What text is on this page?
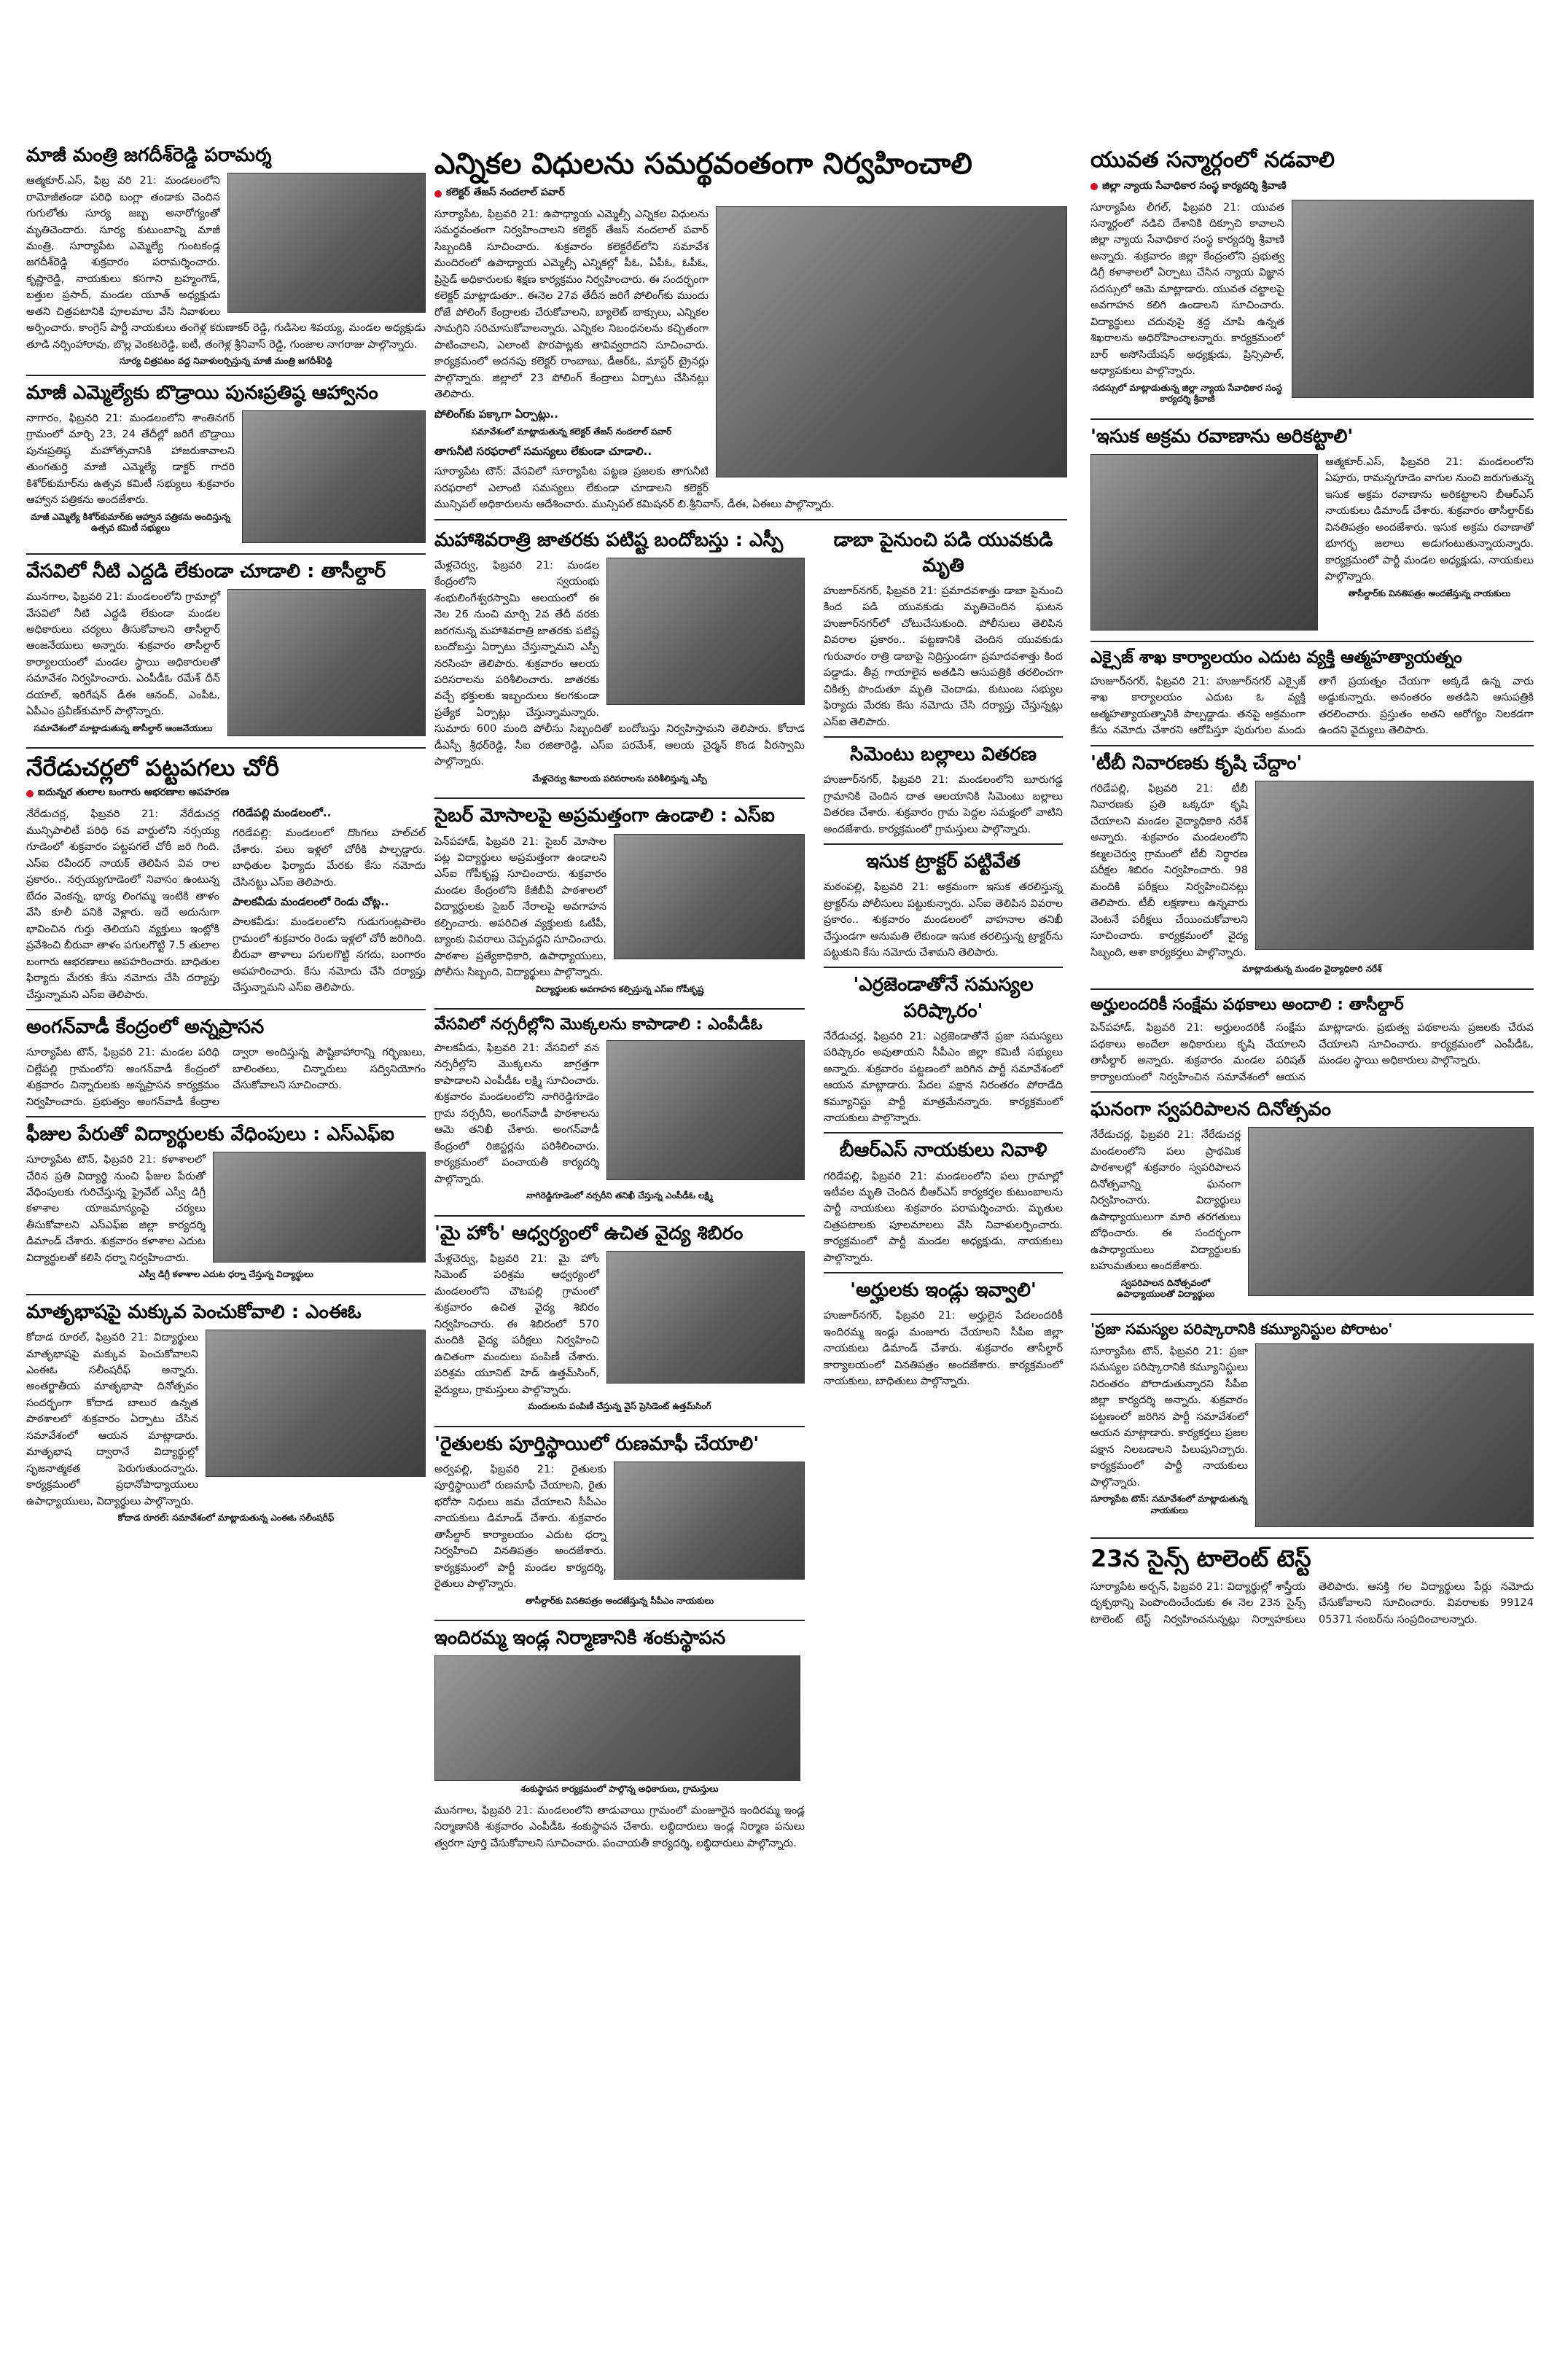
మాజీ మంత్రి జగదీశ్‌రెడ్డి పరామర్శ

ఆత్మకూర్.ఎస్, ఫిబ్ర వరి 21: మండలంలోని రామోజీతండా పరిధి బంగ్లా తండాకు చెందిన గుగులోతు సూర్య జబ్బ అనారోగ్యంతో మృతిచెందారు. సూర్య కుటుంబాన్ని మాజీ మంత్రి, సూర్యాపేట ఎమ్మెల్యే గుంటకండ్ల జగదీశ్‌రెడ్డి శుక్రవారం పరామర్శించారు. కృష్ణారెడ్డి, నాయకులు కసగాని బ్రహ్మంగౌడ్, బత్తుల ప్రసాద్, మండల యూత్ అధ్యక్షుడు అతని చిత్రపటానికి పూలమాల వేసి నివాళులు అర్పించారు. కాంగ్రెస్ పార్టీ నాయకులు తంగెళ్ల కరుణాకర్ రెడ్డి, గుడిసెల శివయ్య, మండల అధ్యక్షుడు తూడి నర్సింహారావు, బొల్ల వెంకటరెడ్డి, ఐటీ, తంగెళ్ల శ్రీనివాస్ రెడ్డి, గుంజాల నాగరాజు పాల్గొన్నారు.

సూర్య చిత్రపటం వద్ద నివాళులర్పిస్తున్న మాజీ మంత్రి జగదీశ్‌రెడ్డి
మాజీ ఎమ్మెల్యేకు బొడ్రాయి పునఃప్రతిష్ఠ ఆహ్వానం

నాగారం, ఫిబ్రవరి 21: మండలంలోని శాంతినగర్ గ్రామంలో మార్చి 23, 24 తేదీల్లో జరిగే బొడ్రాయి పునఃప్రతిష్ఠ మహోత్సవానికి హాజరుకావాలని తుంగతుర్తి మాజీ ఎమ్మెల్యే డాక్టర్ గాదరి కిశోర్‌కుమార్‌ను ఉత్సవ కమిటీ సభ్యులు శుక్రవారం ఆహ్వాన పత్రికను అందజేశారు.

మాజీ ఎమ్మెల్యే కిశోర్‌కుమార్‌కు ఆహ్వాన పత్రికను అందిస్తున్న ఉత్సవ కమిటీ సభ్యులు
వేసవిలో నీటి ఎద్దడి లేకుండా చూడాలి : తాసీల్దార్

మునగాల, ఫిబ్రవరి 21: మండలంలోని గ్రామాల్లో వేసవిలో నీటి ఎద్దడి లేకుండా మండల అధికారులు చర్యలు తీసుకోవాలని తాసీల్దార్ ఆంజనేయులు అన్నారు. శుక్రవారం తాసీల్దార్ కార్యాలయంలో మండల స్థాయి అధికారులతో సమావేశం నిర్వహించారు. ఎంపీడీఓ రమేశ్ దీన్ దయాల్, ఇరిగేషన్ డీఈ ఆనంద్, ఎంపీఓ, ఏపీఎం ప్రవీణ్‌కుమార్ పాల్గొన్నారు.

సమావేశంలో మాట్లాడుతున్న తాసీల్దార్ ఆంజనేయులు
నేరేడుచర్లలో పట్టపగలు చోరీ
ఐదున్నర తులాల బంగారు ఆభరణాల అపహరణ

నేరేడుచర్ల, ఫిబ్రవరి 21: నేరేడుచర్ల మున్సిపాలిటీ పరిధి 6వ వార్డులోని నర్సయ్య గూడెంలో శుక్రవారం పట్టపగలే చోరీ జరి గింది. ఎస్ఐ రవీందర్ నాయక్ తెలిపిన వివ రాల ప్రకారం.. నర్సయ్యగూడెంలో నివాసం ఉంటున్న బేదం వెంకన్న, భార్య లింగమ్మ ఇంటికి తాళం వేసి కూలీ పనికి వెళ్లారు. ఇదే అదునుగా భావించిన గుర్తు తెలియని వ్యక్తులు ఇంట్లోకి ప్రవేశించి బీరువా తాళం పగులగొట్టి 7.5 తులాల బంగారు ఆభరణాలు అపహరించారు. బాధితుల ఫిర్యాదు మేరకు కేసు నమోదు చేసి దర్యాప్తు చేస్తున్నామని ఎస్ఐ తెలిపారు.

గరిడేపల్లి మండలంలో..

గరిడేపల్లి: మండలంలో దొంగలు హల్‌చల్ చేశారు. పలు ఇళ్లలో చోరీకి పాల్పడ్డారు. బాధితుల ఫిర్యాదు మేరకు కేసు నమోదు చేసినట్టు ఎస్ఐ తెలిపారు.

పాలకవీడు మండలంలో రెండు చోట్ల..

పాలకవీడు: మండలంలోని గుడుగుంట్లపాలెం గ్రామంలో శుక్రవారం రెండు ఇళ్లలో చోరీ జరిగింది. బీరువా తాళాలు పగులగొట్టి నగదు, బంగారం అపహరించారు. కేసు నమోదు చేసి దర్యాప్తు చేస్తున్నామని ఎస్ఐ తెలిపారు.

అంగన్‌వాడీ కేంద్రంలో అన్నప్రాసన

సూర్యాపేట టౌన్, ఫిబ్రవరి 21: మండల పరిధి చిల్లేపల్లి గ్రామంలోని అంగన్‌వాడీ కేంద్రంలో శుక్రవారం చిన్నారులకు అన్నప్రాసన కార్యక్రమం నిర్వహించారు. ప్రభుత్వం అంగన్‌వాడీ కేంద్రాల ద్వారా అందిస్తున్న పౌష్టికాహారాన్ని గర్భిణులు, బాలింతలు, చిన్నారులు సద్వినియోగం చేసుకోవాలని సూచించారు.

ఫీజుల పేరుతో విద్యార్థులకు వేధింపులు : ఎస్‌ఎఫ్ఐ

సూర్యాపేట టౌన్, ఫిబ్రవరి 21: కళాశాలలో చేరిన ప్రతి విద్యార్థి నుంచి ఫీజుల పేరుతో వేధింపులకు గురిచేస్తున్న ప్రైవేట్ ఎస్వీ డిగ్రీ కళాశాల యాజమాన్యంపై చర్యలు తీసుకోవాలని ఎస్‌ఎఫ్ఐ జిల్లా కార్యదర్శి డిమాండ్ చేశారు. శుక్రవారం కళాశాల ఎదుట విద్యార్థులతో కలిసి ధర్నా నిర్వహించారు.

ఎస్వీ డిగ్రీ కళాశాల ఎదుట ధర్నా చేస్తున్న విద్యార్థులు
మాతృభాషపై మక్కువ పెంచుకోవాలి : ఎంఈఓ

కోదాడ రూరల్, ఫిబ్రవరి 21: విద్యార్థులు మాతృభాషపై మక్కువ పెంచుకోవాలని ఎంఈఓ సలీంషరీఫ్ అన్నారు. అంతర్జాతీయ మాతృభాషా దినోత్సవం సందర్భంగా కోదాడ బాలుర ఉన్నత పాఠశాలలో శుక్రవారం ఏర్పాటు చేసిన సమావేశంలో ఆయన మాట్లాడారు. మాతృభాష ద్వారానే విద్యార్థుల్లో సృజనాత్మకత పెరుగుతుందన్నారు. కార్యక్రమంలో ప్రధానోపాధ్యాయులు ఉపాధ్యాయులు, విద్యార్థులు పాల్గొన్నారు.

కోదాడ రూరల్: సమావేశంలో మాట్లాడుతున్న ఎంఈఓ సలీంషరీఫ్
ఎన్నికల విధులను సమర్థవంతంగా నిర్వహించాలి
కలెక్టర్ తేజస్ నందలాల్ పవార్

సూర్యాపేట, ఫిబ్రవరి 21: ఉపాధ్యాయ ఎమ్మెల్సీ ఎన్నికల విధులను సమర్థవంతంగా నిర్వహించాలని కలెక్టర్ తేజస్ నందలాల్ పవార్ సిబ్బందికి సూచించారు. శుక్రవారం కలెక్టరేట్‌లోని సమావేశ మందిరంలో ఉపాధ్యాయ ఎమ్మెల్సీ ఎన్నికల్లో పీఓ, ఏపీఓ, ఓపీఓ, ప్రిసైడ్ అధికారులకు శిక్షణ కార్యక్రమం నిర్వహించారు. ఈ సందర్భంగా కలెక్టర్ మాట్లాడుతూ.. ఈనెల 27వ తేదీన జరిగే పోలింగ్‌కు ముందు రోజే పోలింగ్ కేంద్రాలకు చేరుకోవాలని, బ్యాలెట్ బాక్సులు, ఎన్నికల సామగ్రిని సరిచూసుకోవాలన్నారు. ఎన్నికల నిబంధనలను కచ్చితంగా పాటించాలని, ఎలాంటి పొరపాట్లకు తావివ్వరాదని సూచించారు. కార్యక్రమంలో అదనపు కలెక్టర్ రాంబాబు, డీఆర్‌ఓ, మాస్టర్ ట్రైనర్లు పాల్గొన్నారు. జిల్లాలో 23 పోలింగ్ కేంద్రాలు ఏర్పాటు చేసినట్లు తెలిపారు.

పోలింగ్‌కు పక్కాగా ఏర్పాట్లు..
సమావేశంలో మాట్లాడుతున్న కలెక్టర్ తేజస్ నందలాల్ పవార్
తాగునీటి సరఫరాలో సమస్యలు లేకుండా చూడాలి..

సూర్యాపేట టౌన్: వేసవిలో సూర్యాపేట పట్టణ ప్రజలకు తాగునీటి సరఫరాలో ఎలాంటి సమస్యలు లేకుండా చూడాలని కలెక్టర్ మున్సిపల్ అధికారులను ఆదేశించారు. మున్సిపల్ కమిషనర్ బి.శ్రీనివాస్, డీఈ, ఏఈలు పాల్గొన్నారు.

మహాశివరాత్రి జాతరకు పటిష్ట బందోబస్తు : ఎస్పీ

మేళ్లచెర్వు, ఫిబ్రవరి 21: మండల కేంద్రంలోని స్వయంభు శంభులింగేశ్వరస్వామి ఆలయంలో ఈ నెల 26 నుంచి మార్చి 2వ తేదీ వరకు జరగనున్న మహాశివరాత్రి జాతరకు పటిష్ట బందోబస్తు ఏర్పాటు చేస్తున్నామని ఎస్పీ నరసింహ తెలిపారు. శుక్రవారం ఆలయ పరిసరాలను పరిశీలించారు. జాతరకు వచ్చే భక్తులకు ఇబ్బందులు కలగకుండా ప్రత్యేక ఏర్పాట్లు చేస్తున్నామన్నారు. సుమారు 600 మంది పోలీసు సిబ్బందితో బందోబస్తు నిర్వహిస్తామని తెలిపారు. కోదాడ డీఎస్పీ శ్రీధర్‌రెడ్డి, సీఐ రజితారెడ్డి, ఎస్ఐ పరమేశ్, ఆలయ చైర్మన్ కొండ వీరస్వామి పాల్గొన్నారు.

మేళ్లచెర్వు శివాలయ పరిసరాలను పరిశీలిస్తున్న ఎస్పీ
సైబర్ మోసాలపై అప్రమత్తంగా ఉండాలి : ఎస్ఐ

పెన్‌పహాడ్, ఫిబ్రవరి 21: సైబర్ మోసాల పట్ల విద్యార్థులు అప్రమత్తంగా ఉండాలని ఎస్ఐ గోపీకృష్ణ సూచించారు. శుక్రవారం మండల కేంద్రంలోని కేజీబీవీ పాఠశాలలో విద్యార్థులకు సైబర్ నేరాలపై అవగాహన కల్పించారు. అపరిచిత వ్యక్తులకు ఓటీపీ, బ్యాంకు వివరాలు చెప్పవద్దని సూచించారు. పాఠశాల ప్రత్యేకాధికారి, ఉపాధ్యాయులు, పోలీసు సిబ్బంది, విద్యార్థులు పాల్గొన్నారు.

విద్యార్థులకు అవగాహన కల్పిస్తున్న ఎస్ఐ గోపీకృష్ణ
వేసవిలో నర్సరీల్లోని మొక్కలను కాపాడాలి : ఎంపీడీఓ

పాలకవీడు, ఫిబ్రవరి 21: వేసవిలో వన నర్సరీల్లోని మొక్కలను జాగ్రత్తగా కాపాడాలని ఎంపీడీఓ లక్ష్మి సూచించారు. శుక్రవారం మండలంలోని నాగిరెడ్డిగూడెం గ్రామ నర్సరీని, అంగన్‌వాడీ పాఠశాలను ఆమె తనిఖీ చేశారు. అంగన్‌వాడీ కేంద్రంలో రిజిస్టర్లను పరిశీలించారు. కార్యక్రమంలో పంచాయతీ కార్యదర్శి పాల్గొన్నారు.

నాగిరెడ్డిగూడెంలో నర్సరీని తనిఖీ చేస్తున్న ఎంపీడీఓ లక్ష్మి
'మై హోం' ఆధ్వర్యంలో ఉచిత వైద్య శిబిరం

మేళ్లచెర్వు, ఫిబ్రవరి 21: మై హోం సిమెంట్ పరిశ్రమ ఆధ్వర్యంలో మండలంలోని చౌటపల్లి గ్రామంలో శుక్రవారం ఉచిత వైద్య శిబిరం నిర్వహించారు. ఈ శిబిరంలో 570 మందికి వైద్య పరీక్షలు నిర్వహించి ఉచితంగా మందులు పంపిణీ చేశారు. పరిశ్రమ యూనిట్ హెడ్ ఉత్తమ్‌సింగ్, వైద్యులు, గ్రామస్తులు పాల్గొన్నారు.

మందులను పంపిణీ చేస్తున్న వైస్ ప్రెసిడెంట్ ఉత్తమ్‌సింగ్
'రైతులకు పూర్తిస్థాయిలో రుణమాఫీ చేయాలి'

అర్వపల్లి, ఫిబ్రవరి 21: రైతులకు పూర్తిస్థాయిలో రుణమాఫీ చేయాలని, రైతు భరోసా నిధులు జమ చేయాలని సీపీఎం నాయకులు డిమాండ్ చేశారు. శుక్రవారం తాసీల్దార్ కార్యాలయం ఎదుట ధర్నా నిర్వహించి వినతిపత్రం అందజేశారు. కార్యక్రమంలో పార్టీ మండల కార్యదర్శి, రైతులు పాల్గొన్నారు.

తాసీల్దార్‌కు వినతిపత్రం అందజేస్తున్న సీపీఎం నాయకులు
ఇందిరమ్మ ఇండ్ల నిర్మాణానికి శంకుస్థాపన
శంకుస్థాపన కార్యక్రమంలో పాల్గొన్న అధికారులు, గ్రామస్తులు

మునగాల, ఫిబ్రవరి 21: మండలంలోని తాడువాయి గ్రామంలో మంజూరైన ఇందిరమ్మ ఇండ్ల నిర్మాణానికి శుక్రవారం ఎంపీడీఓ శంకుస్థాపన చేశారు. లబ్ధిదారులు ఇండ్ల నిర్మాణ పనులు త్వరగా పూర్తి చేసుకోవాలని సూచించారు. పంచాయతీ కార్యదర్శి, లబ్ధిదారులు పాల్గొన్నారు.

డాబా పైనుంచి పడి యువకుడి మృతి

హుజూర్‌నగర్, ఫిబ్రవరి 21: ప్రమాదవశాత్తు డాబా పైనుంచి కింద పడి యువకుడు మృతిచెందిన ఘటన హుజూర్‌నగర్‌లో చోటుచేసుకుంది. పోలీసులు తెలిపిన వివరాల ప్రకారం.. పట్టణానికి చెందిన యువకుడు గురువారం రాత్రి డాబాపై నిద్రిస్తుండగా ప్రమాదవశాత్తు కింద పడ్డాడు. తీవ్ర గాయాలైన అతడిని ఆసుపత్రికి తరలించగా చికిత్స పొందుతూ మృతి చెందాడు. కుటుంబ సభ్యుల ఫిర్యాదు మేరకు కేసు నమోదు చేసి దర్యాప్తు చేస్తున్నట్లు ఎస్ఐ తెలిపారు.

సిమెంటు బల్లాలు వితరణ

హుజూర్‌నగర్, ఫిబ్రవరి 21: మండలంలోని బూరుగడ్డ గ్రామానికి చెందిన దాత ఆలయానికి సిమెంటు బల్లాలు వితరణ చేశారు. శుక్రవారం గ్రామ పెద్దల సమక్షంలో వాటిని అందజేశారు. కార్యక్రమంలో గ్రామస్తులు పాల్గొన్నారు.

ఇసుక ట్రాక్టర్ పట్టివేత

మఠంపల్లి, ఫిబ్రవరి 21: అక్రమంగా ఇసుక తరలిస్తున్న ట్రాక్టర్‌ను పోలీసులు పట్టుకున్నారు. ఎస్ఐ తెలిపిన వివరాల ప్రకారం.. శుక్రవారం మండలంలో వాహనాల తనిఖీ చేస్తుండగా అనుమతి లేకుండా ఇసుక తరలిస్తున్న ట్రాక్టర్‌ను పట్టుకుని కేసు నమోదు చేశామని తెలిపారు.

'ఎర్రజెండాతోనే సమస్యల పరిష్కారం'

నేరేడుచర్ల, ఫిబ్రవరి 21: ఎర్రజెండాతోనే ప్రజా సమస్యలు పరిష్కారం అవుతాయని సీపీఎం జిల్లా కమిటీ సభ్యులు అన్నారు. శుక్రవారం పట్టణంలో జరిగిన పార్టీ సమావేశంలో ఆయన మాట్లాడారు. పేదల పక్షాన నిరంతరం పోరాడేది కమ్యూనిస్టు పార్టీ మాత్రమేనన్నారు. కార్యక్రమంలో నాయకులు పాల్గొన్నారు.

బీఆర్ఎస్ నాయకులు నివాళి

గరిడేపల్లి, ఫిబ్రవరి 21: మండలంలోని పలు గ్రామాల్లో ఇటీవల మృతి చెందిన బీఆర్ఎస్ కార్యకర్తల కుటుంబాలను పార్టీ నాయకులు శుక్రవారం పరామర్శించారు. మృతుల చిత్రపటాలకు పూలమాలలు వేసి నివాళులర్పించారు. కార్యక్రమంలో పార్టీ మండల అధ్యక్షుడు, నాయకులు పాల్గొన్నారు.

'అర్హులకు ఇండ్లు ఇవ్వాలి'

హుజూర్‌నగర్, ఫిబ్రవరి 21: అర్హులైన పేదలందరికీ ఇందిరమ్మ ఇండ్లు మంజూరు చేయాలని సీపీఐ జిల్లా నాయకులు డిమాండ్ చేశారు. శుక్రవారం తాసీల్దార్ కార్యాలయంలో వినతిపత్రం అందజేశారు. కార్యక్రమంలో నాయకులు, బాధితులు పాల్గొన్నారు.

యువత సన్మార్గంలో నడవాలి
జిల్లా న్యాయ సేవాధికార సంస్థ కార్యదర్శి శ్రీవాణి

సూర్యాపేట లీగల్, ఫిబ్రవరి 21: యువత సన్మార్గంలో నడిచి దేశానికి దిక్సూచి కావాలని జిల్లా న్యాయ సేవాధికార సంస్థ కార్యదర్శి శ్రీవాణి అన్నారు. శుక్రవారం జిల్లా కేంద్రంలోని ప్రభుత్వ డిగ్రీ కళాశాలలో ఏర్పాటు చేసిన న్యాయ విజ్ఞాన సదస్సులో ఆమె మాట్లాడారు. యువత చట్టాలపై అవగాహన కలిగి ఉండాలని సూచించారు. విద్యార్థులు చదువుపై శ్రద్ధ చూపి ఉన్నత శిఖరాలను అధిరోహించాలన్నారు. కార్యక్రమంలో బార్ అసోసియేషన్ అధ్యక్షుడు, ప్రిన్సిపాల్, అధ్యాపకులు పాల్గొన్నారు.

సదస్సులో మాట్లాడుతున్న జిల్లా న్యాయ సేవాధికార సంస్థ కార్యదర్శి శ్రీవాణి
'ఇసుక అక్రమ రవాణాను అరికట్టాలి'

ఆత్మకూర్.ఎస్, ఫిబ్రవరి 21: మండలంలోని ఏపూరు, రామన్నగూడెం వాగుల నుంచి జరుగుతున్న ఇసుక అక్రమ రవాణాను అరికట్టాలని బీఆర్ఎస్ నాయకులు డిమాండ్ చేశారు. శుక్రవారం తాసీల్దార్‌కు వినతిపత్రం అందజేశారు. ఇసుక అక్రమ రవాణాతో భూగర్భ జలాలు అడుగంటుతున్నాయన్నారు. కార్యక్రమంలో పార్టీ మండల అధ్యక్షుడు, నాయకులు పాల్గొన్నారు.

తాసీల్దార్‌కు వినతిపత్రం అందజేస్తున్న నాయకులు
ఎక్సైజ్ శాఖ కార్యాలయం ఎదుట వ్యక్తి ఆత్మహత్యాయత్నం

హుజూర్‌నగర్, ఫిబ్రవరి 21: హుజూర్‌నగర్ ఎక్సైజ్ శాఖ కార్యాలయం ఎదుట ఓ వ్యక్తి ఆత్మహత్యాయత్నానికి పాల్పడ్డాడు. తనపై అక్రమంగా కేసు నమోదు చేశారని ఆరోపిస్తూ పురుగుల మందు తాగే ప్రయత్నం చేయగా అక్కడే ఉన్న వారు అడ్డుకున్నారు. అనంతరం అతడిని ఆసుపత్రికి తరలించారు. ప్రస్తుతం అతని ఆరోగ్యం నిలకడగా ఉందని వైద్యులు తెలిపారు.

'టీబీ నివారణకు కృషి చేద్దాం'

గరిడేపల్లి, ఫిబ్రవరి 21: టీబీ నివారణకు ప్రతి ఒక్కరూ కృషి చేయాలని మండల వైద్యాధికారి నరేశ్ అన్నారు. శుక్రవారం మండలంలోని కల్మలచెర్వు గ్రామంలో టీబీ నిర్ధారణ పరీక్షల శిబిరం నిర్వహించారు. 98 మందికి పరీక్షలు నిర్వహించినట్లు తెలిపారు. టీబీ లక్షణాలు ఉన్నవారు వెంటనే పరీక్షలు చేయించుకోవాలని సూచించారు. కార్యక్రమంలో వైద్య సిబ్బంది, ఆశా కార్యకర్తలు పాల్గొన్నారు.

మాట్లాడుతున్న మండల వైద్యాధికారి నరేశ్
అర్హులందరికీ సంక్షేమ పథకాలు అందాలి : తాసీల్దార్

పెన్‌పహాడ్, ఫిబ్రవరి 21: అర్హులందరికీ సంక్షేమ పథకాలు అందేలా అధికారులు కృషి చేయాలని తాసీల్దార్ అన్నారు. శుక్రవారం మండల పరిషత్ కార్యాలయంలో నిర్వహించిన సమావేశంలో ఆయన మాట్లాడారు. ప్రభుత్వ పథకాలను ప్రజలకు చేరువ చేయాలని సూచించారు. కార్యక్రమంలో ఎంపీడీఓ, మండల స్థాయి అధికారులు పాల్గొన్నారు.

ఘనంగా స్వపరిపాలన దినోత్సవం

నేరేడుచర్ల, ఫిబ్రవరి 21: నేరేడుచర్ల మండలంలోని పలు ప్రాథమిక పాఠశాలల్లో శుక్రవారం స్వపరిపాలన దినోత్సవాన్ని ఘనంగా నిర్వహించారు. విద్యార్థులు ఉపాధ్యాయులుగా మారి తరగతులు బోధించారు. ఈ సందర్భంగా ఉపాధ్యాయులు విద్యార్థులకు బహుమతులు అందజేశారు.

స్వపరిపాలన దినోత్సవంలో ఉపాధ్యాయులతో విద్యార్థులు
'ప్రజా సమస్యల పరిష్కారానికి కమ్యూనిస్టుల పోరాటం'

సూర్యాపేట టౌన్, ఫిబ్రవరి 21: ప్రజా సమస్యల పరిష్కారానికి కమ్యూనిస్టులు నిరంతరం పోరాడుతున్నారని సీపీఐ జిల్లా కార్యదర్శి అన్నారు. శుక్రవారం పట్టణంలో జరిగిన పార్టీ సమావేశంలో ఆయన మాట్లాడారు. కార్యకర్తలు ప్రజల పక్షాన నిలబడాలని పిలుపునిచ్చారు. కార్యక్రమంలో పార్టీ నాయకులు పాల్గొన్నారు.

సూర్యాపేట టౌన్: సమావేశంలో మాట్లాడుతున్న నాయకులు
23న సైన్స్ టాలెంట్ టెస్ట్

సూర్యాపేట అర్బన్, ఫిబ్రవరి 21: విద్యార్థుల్లో శాస్త్రీయ దృక్పథాన్ని పెంపొందించేందుకు ఈ నెల 23న సైన్స్ టాలెంట్ టెస్ట్ నిర్వహించనున్నట్లు నిర్వాహకులు తెలిపారు. ఆసక్తి గల విద్యార్థులు పేర్లు నమోదు చేసుకోవాలని సూచించారు. వివరాలకు 99124 05371 నంబర్‌ను సంప్రదించాలన్నారు.
